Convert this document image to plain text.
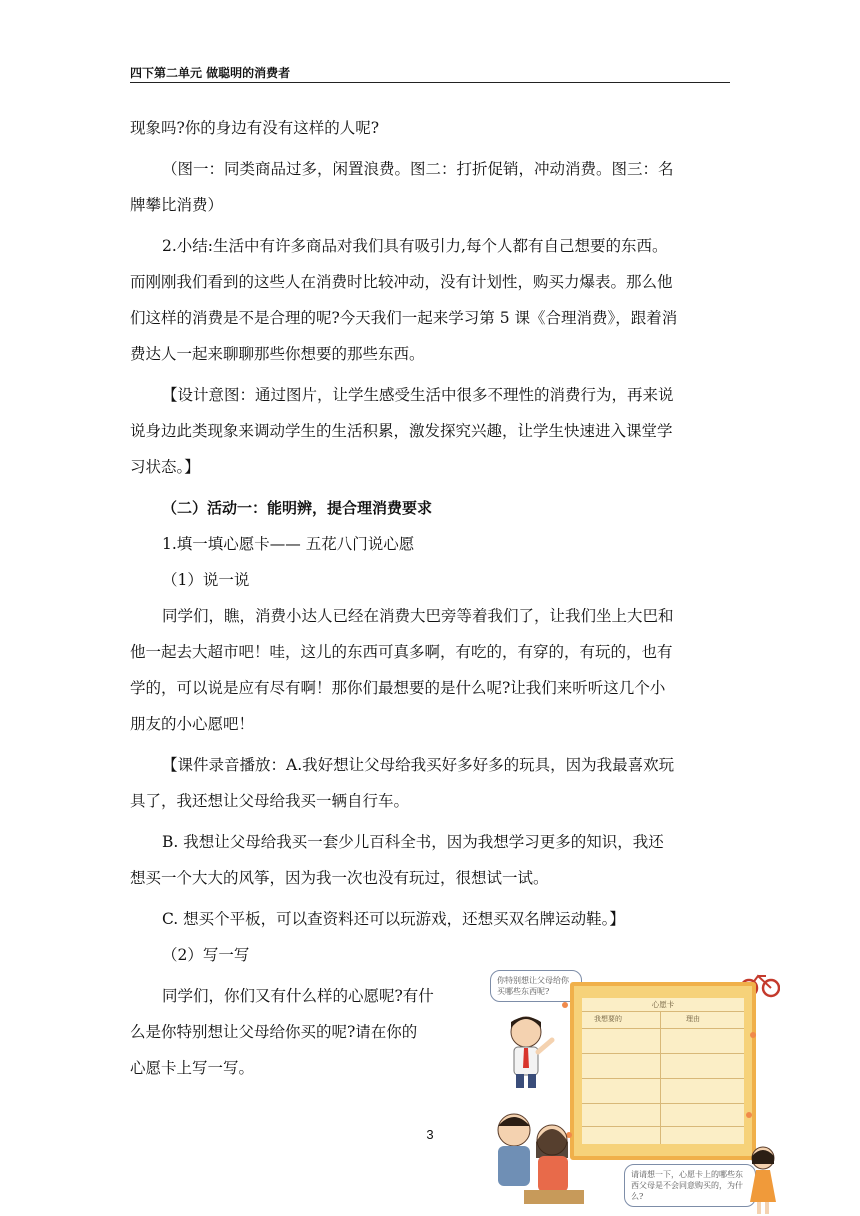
四下第二单元 做聪明的消费者
现象吗?你的身边有没有这样的人呢?
（图一：同类商品过多，闲置浪费。图二：打折促销，冲动消费。图三：名
牌攀比消费）
2.小结:生活中有许多商品对我们具有吸引力,每个人都有自己想要的东西。
而刚刚我们看到的这些人在消费时比较冲动，没有计划性，购买力爆表。那么他
们这样的消费是不是合理的呢?今天我们一起来学习第 5 课《合理消费》，跟着消
费达人一起来聊聊那些你想要的那些东西。
【设计意图：通过图片，让学生感受生活中很多不理性的消费行为，再来说
说身边此类现象来调动学生的生活积累，激发探究兴趣，让学生快速进入课堂学
习状态。】
（二）活动一：能明辨，提合理消费要求
1.填一填心愿卡—— 五花八门说心愿
（1）说一说
同学们，瞧，消费小达人已经在消费大巴旁等着我们了，让我们坐上大巴和
他一起去大超市吧！哇，这儿的东西可真多啊，有吃的，有穿的，有玩的，也有
学的，可以说是应有尽有啊！那你们最想要的是什么呢?让我们来听听这几个小
朋友的小心愿吧！
【课件录音播放：A.我好想让父母给我买好多好多的玩具，因为我最喜欢玩
具了，我还想让父母给我买一辆自行车。
B. 我想让父母给我买一套少儿百科全书，因为我想学习更多的知识，我还
想买一个大大的风筝，因为我一次也没有玩过，很想试一试。
C. 想买个平板，可以查资料还可以玩游戏，还想买双名牌运动鞋。】
（2）写一写
同学们，你们又有什么样的心愿呢?有什
么是你特别想让父母给你买的呢?请在你的
心愿卡上写一写。
3
你特别想让父母给你买哪些东西呢?
心愿卡
我想要的	理由
请请想一下，心愿卡上的哪些东西父母是不会同意购买的，为什么?
